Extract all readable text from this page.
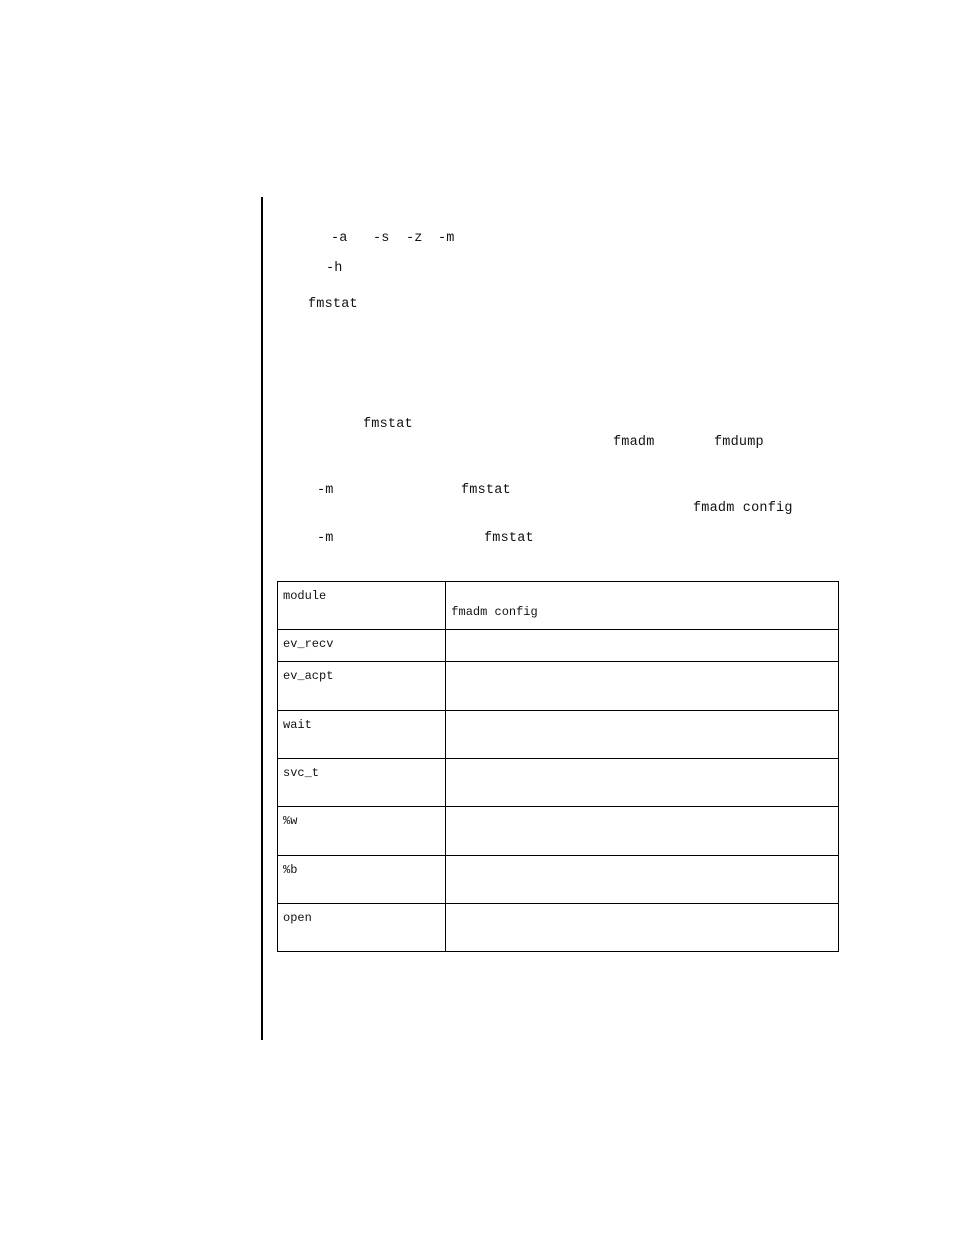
-a -s -z -m
-h
fmstat
fmstat
fmadm	fmdump
-m	fmstat
fmadm config
-m	fmstat
module	fmadm config

ev_recv	
ev_acpt	
wait	
svc_t	
%w	
%b	
open	
